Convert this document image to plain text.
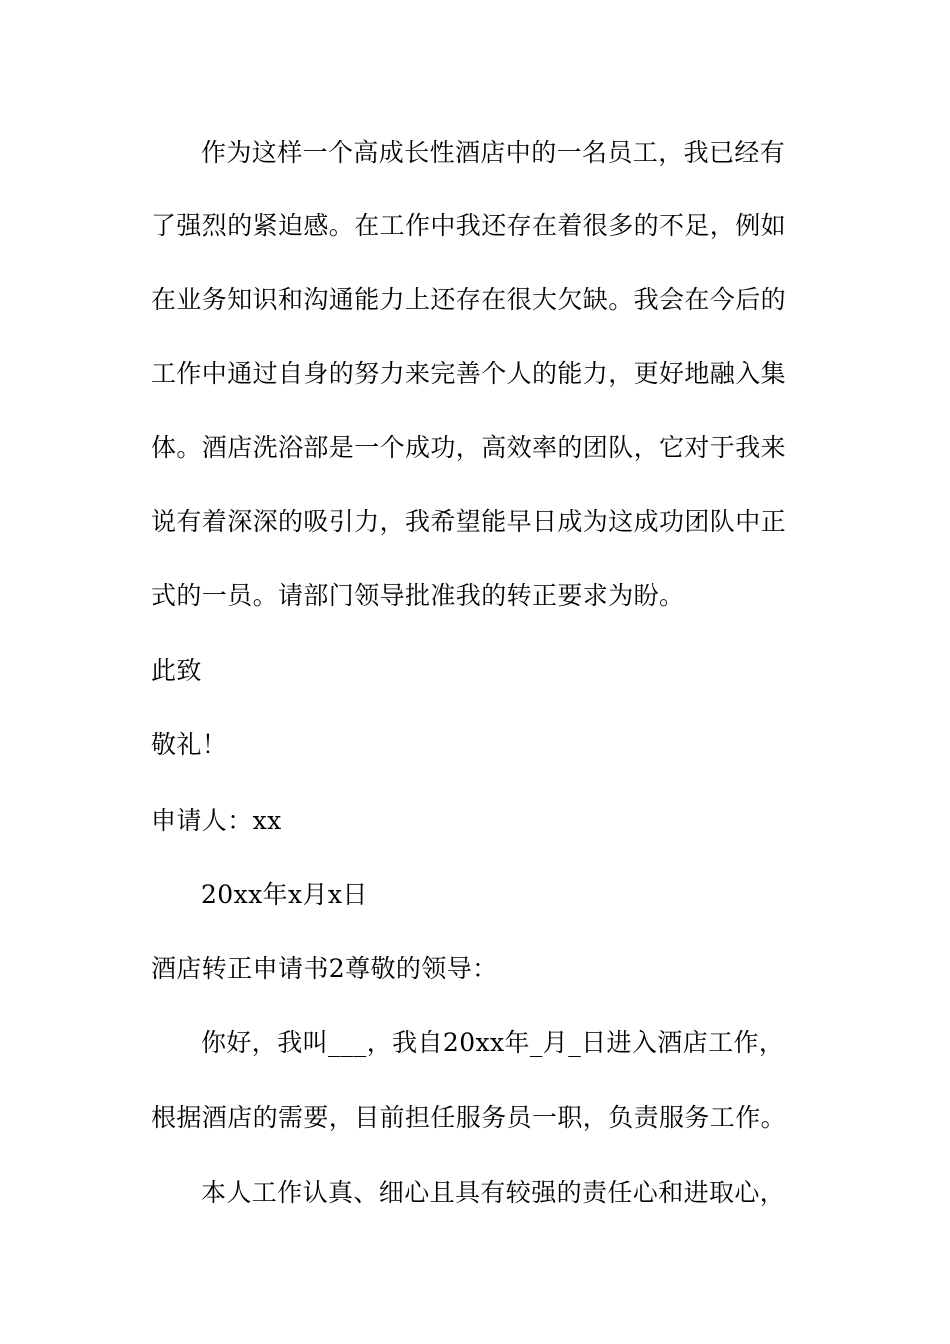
作为这样一个高成长性酒店中的一名员工，我已经有
了强烈的紧迫感。在工作中我还存在着很多的不足，例如
在业务知识和沟通能力上还存在很大欠缺。我会在今后的
工作中通过自身的努力来完善个人的能力，更好地融入集
体。酒店洗浴部是一个成功，高效率的团队，它对于我来
说有着深深的吸引力，我希望能早日成为这成功团队中正
式的一员。请部门领导批准我的转正要求为盼。
此致
敬礼！
申请人：xx
20xx年x月x日
酒店转正申请书2尊敬的领导：
你好，我叫___，我自20xx年_月_日进入酒店工作，
根据酒店的需要，目前担任服务员一职，负责服务工作。
本人工作认真、细心且具有较强的责任心和进取心，
